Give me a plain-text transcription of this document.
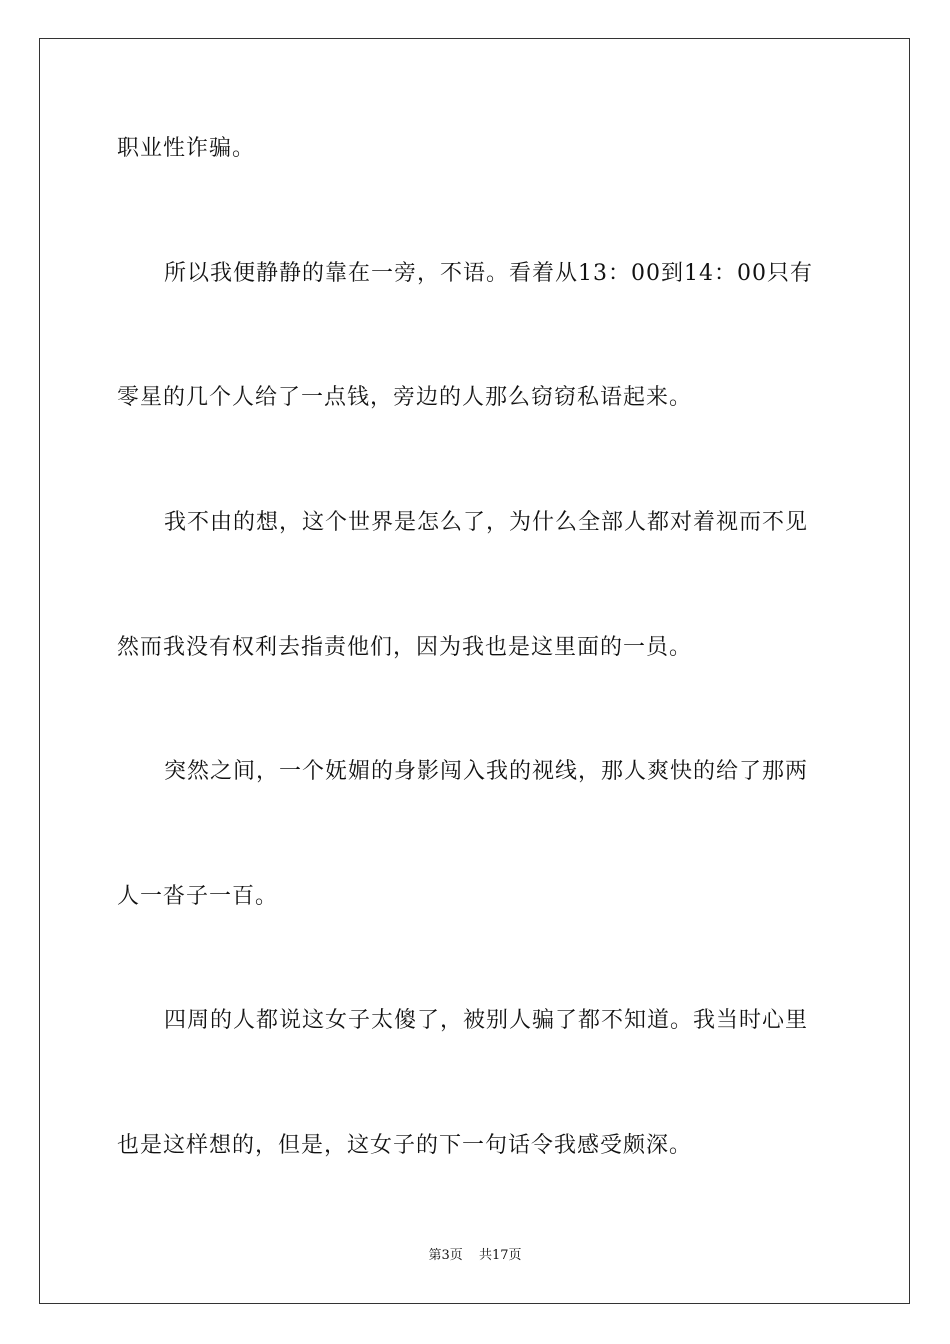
职业性诈骗。
所以我便静静的靠在一旁，不语。看着从13：00到14：00只有
零星的几个人给了一点钱，旁边的人那么窃窃私语起来。
我不由的想，这个世界是怎么了，为什么全部人都对着视而不见
然而我没有权利去指责他们，因为我也是这里面的一员。
突然之间，一个妩媚的身影闯入我的视线，那人爽快的给了那两
人一沓子一百。
四周的人都说这女子太傻了，被别人骗了都不知道。我当时心里
也是这样想的，但是，这女子的下一句话令我感受颇深。
第3页 共17页
